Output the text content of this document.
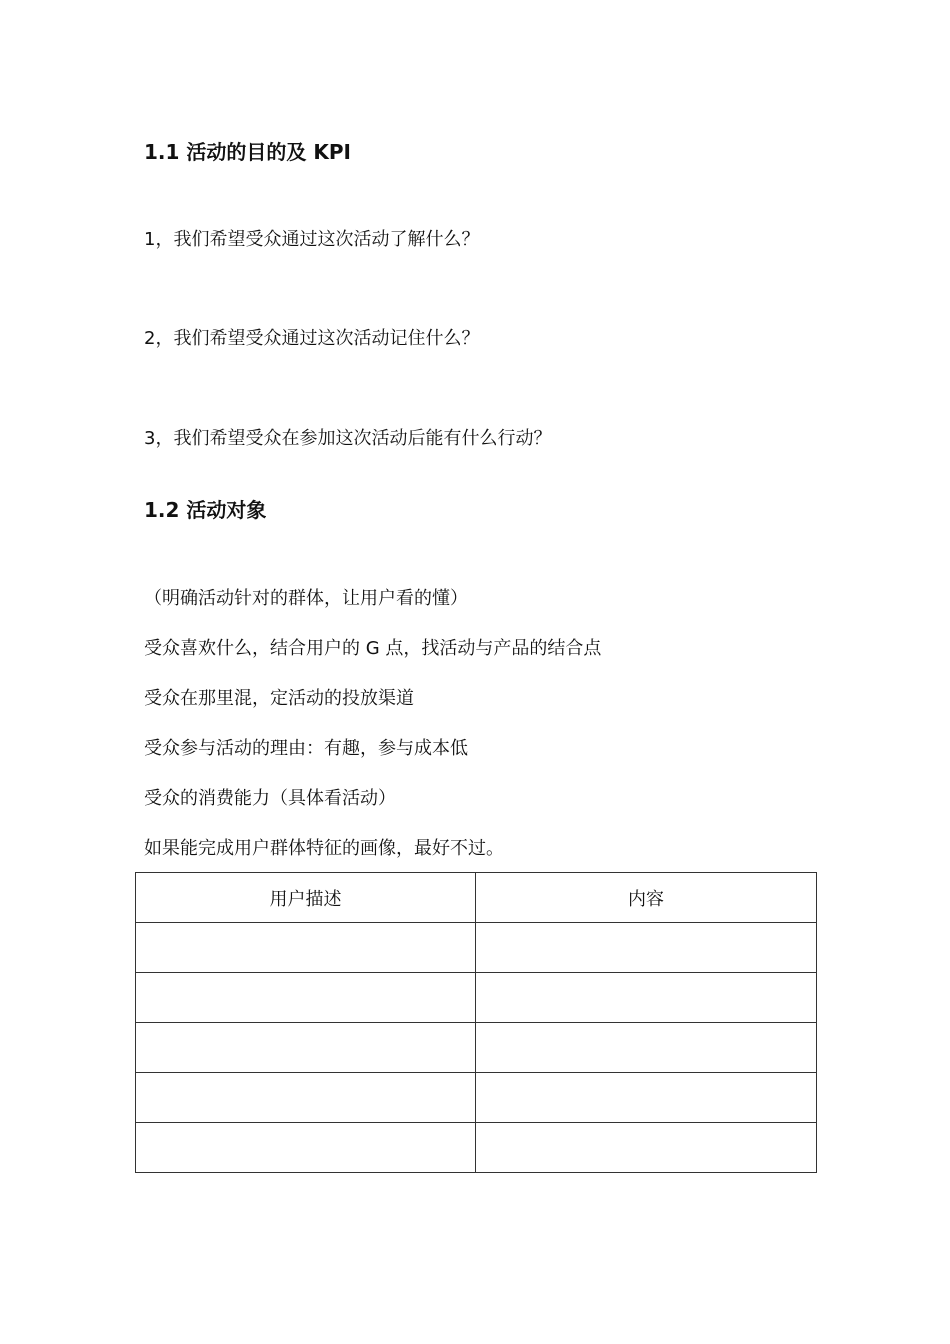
1.1 活动的目的及 KPI
1，我们希望受众通过这次活动了解什么？
2，我们希望受众通过这次活动记住什么？
3，我们希望受众在参加这次活动后能有什么行动？
1.2 活动对象
（明确活动针对的群体，让用户看的懂）
受众喜欢什么，结合用户的 G 点，找活动与产品的结合点
受众在那里混，定活动的投放渠道
受众参与活动的理由：有趣，参与成本低
受众的消费能力（具体看活动）
如果能完成用户群体特征的画像，最好不过。
用户描述	内容
